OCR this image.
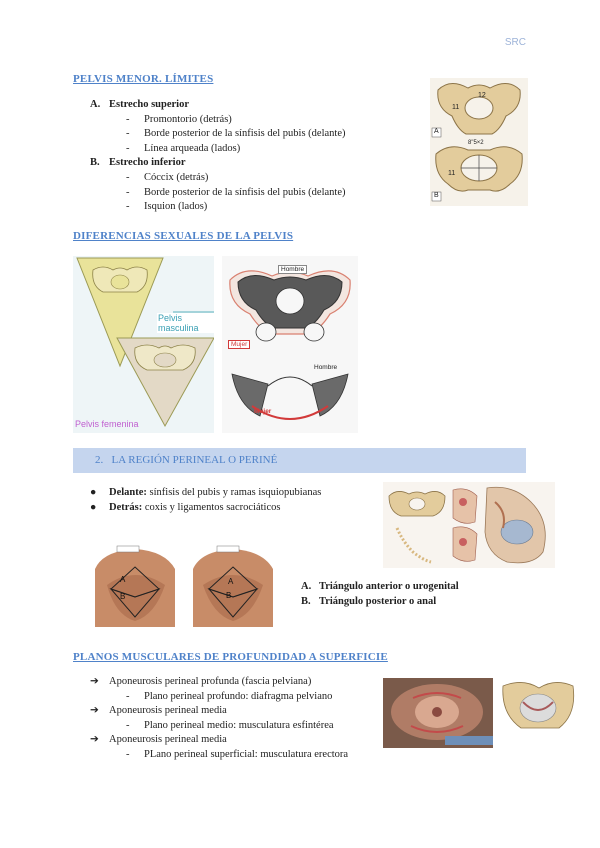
SRC
PELVIS MENOR. LÍMITES
A. Estrecho superior
- Promontorio (detrás)
- Borde posterior de la sínfisis del pubis (delante)
- Línea arqueada (lados)
B. Estrecho inferior
- Cóccix (detrás)
- Borde posterior de la sínfisis del pubis (delante)
- Isquion (lados)
A
B
11
12
11
8"5×2
DIFERENCIAS SEXUALES DE LA PELVIS
Pelvis masculina
Pelvis femenina
Hombre
Mujer
Hombre
Mujer
2.   LA REGIÓN PERINEAL O PERINÉ
● Delante: sínfisis del pubis y ramas isquiopubianas
● Detrás: coxis y ligamentos sacrociáticos
A
B
A
B
A. Triángulo anterior o urogenital
B. Triángulo posterior o anal
PLANOS MUSCULARES DE PROFUNDIDAD A SUPERFICIE
➔ Aponeurosis perineal profunda (fascia pelviana)
- Plano perineal profundo: diafragma pelviano
➔ Aponeurosis perineal media
- Plano perineal medio: musculatura esfintérea
➔ Aponeurosis perineal media
- PLano perineal superficial: musculatura erectora
